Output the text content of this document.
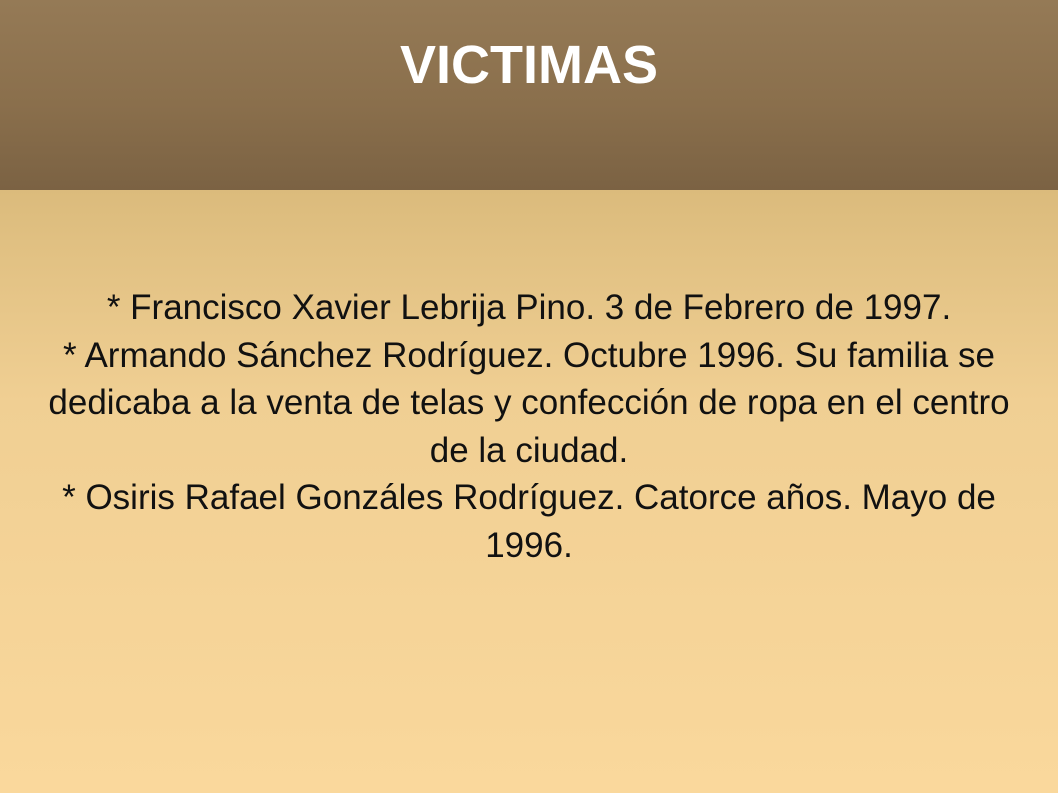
VICTIMAS

* Francisco Xavier Lebrija Pino. 3 de Febrero de 1997.
* Armando Sánchez Rodríguez. Octubre 1996. Su familia se dedicaba a la venta de telas y confección de ropa en el centro de la ciudad.
* Osiris Rafael Gonzáles Rodríguez. Catorce años. Mayo de 1996.
